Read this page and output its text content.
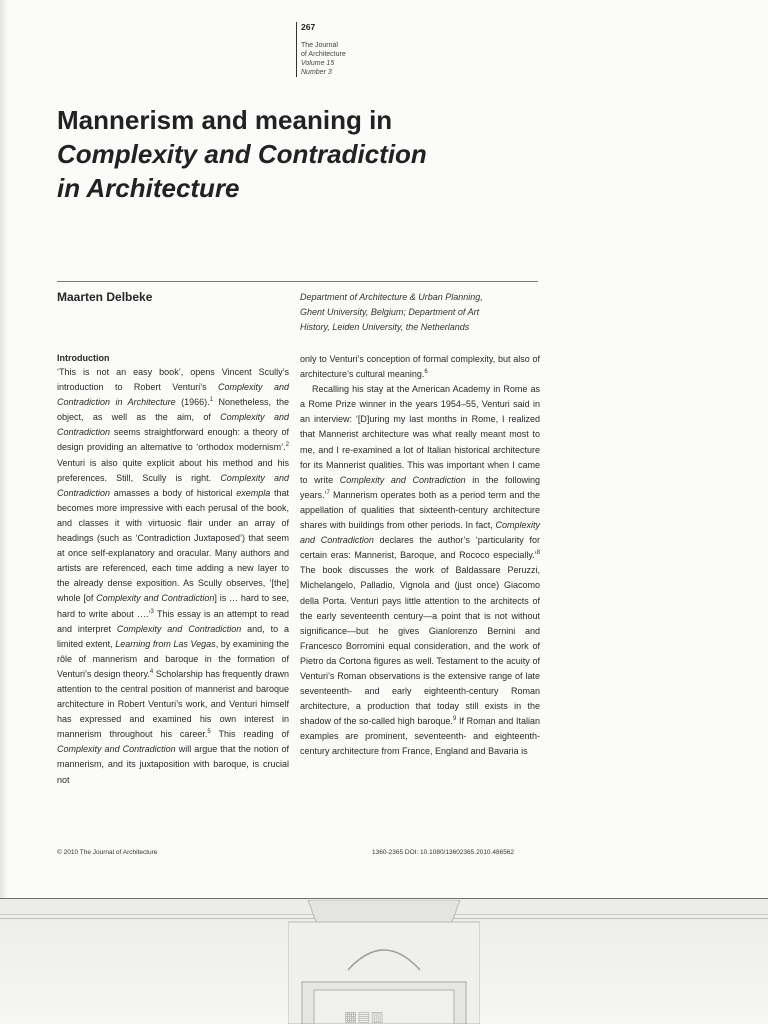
▦▤▥
267
The Journal
of Architecture
Volume 15
Number 3
Mannerism and meaning in
Complexity and Contradiction
in Architecture
Maarten Delbeke	Department of Architecture & Urban Planning,
Ghent University, Belgium; Department of Art
History, Leiden University, the Netherlands
Introduction

‘This is not an easy book’, opens Vincent Scully’s introduction to Robert Venturi’s Complexity and Contradiction in Architecture (1966).$^1$ Nonetheless, the object, as well as the aim, of Complexity and Contradiction seems straightforward enough: a theory of design providing an alternative to ‘orthodox modernism’.$^2$ Venturi is also quite explicit about his method and his preferences. Still, Scully is right. Complexity and Contradiction amasses a body of historical exempla that becomes more impressive with each perusal of the book, and classes it with virtuosic flair under an array of headings (such as ‘Contradiction Juxtaposed’) that seem at once self-explanatory and oracular. Many authors and artists are referenced, each time adding a new layer to the already dense exposition. As Scully observes, ‘[the] whole [of Complexity and Contradiction] is … hard to see, hard to write about ….’$^3$ This essay is an attempt to read and interpret Complexity and Contradiction and, to a limited extent, Learning from Las Vegas, by examining the rôle of mannerism and baroque in the formation of Venturi’s design theory.$^4$ Scholarship has frequently drawn attention to the central position of mannerist and baroque architecture in Robert Venturi’s work, and Venturi himself has expressed and examined his own interest in mannerism throughout his career.$^5$ This reading of Complexity and Contradiction will argue that the notion of mannerism, and its juxtaposition with baroque, is crucial not

only to Venturi’s conception of formal complexity, but also of architecture’s cultural meaning.$^6$

Recalling his stay at the American Academy in Rome as a Rome Prize winner in the years 1954–55, Venturi said in an interview: ‘[D]uring my last months in Rome, I realized that Mannerist architecture was what really meant most to me, and I re-examined a lot of Italian historical architecture for its Mannerist qualities. This was important when I came to write Complexity and Contradiction in the following years.’$^7$ Mannerism operates both as a period term and the appellation of qualities that sixteenth-century architecture shares with buildings from other periods. In fact, Complexity and Contradiction declares the author’s ‘particularity for certain eras: Mannerist, Baroque, and Rococo especially.’$^8$ The book discusses the work of Baldassare Peruzzi, Michelangelo, Palladio, Vignola and (just once) Giacomo della Porta. Venturi pays little attention to the architects of the early seventeenth century—a point that is not without significance—but he gives Gianlorenzo Bernini and Francesco Borromini equal consideration, and the work of Pietro da Cortona figures as well. Testament to the acuity of Venturi’s Roman observations is the extensive range of late seventeenth- and early eighteenth-century Roman architecture, a production that today still exists in the shadow of the so-called high baroque.$^9$ If Roman and Italian examples are prominent, seventeenth- and eighteenth-century architecture from France, England and Bavaria is

© 2010 The Journal of Architecture	1360-2365 DOI: 10.1080/13602365.2010.486562
